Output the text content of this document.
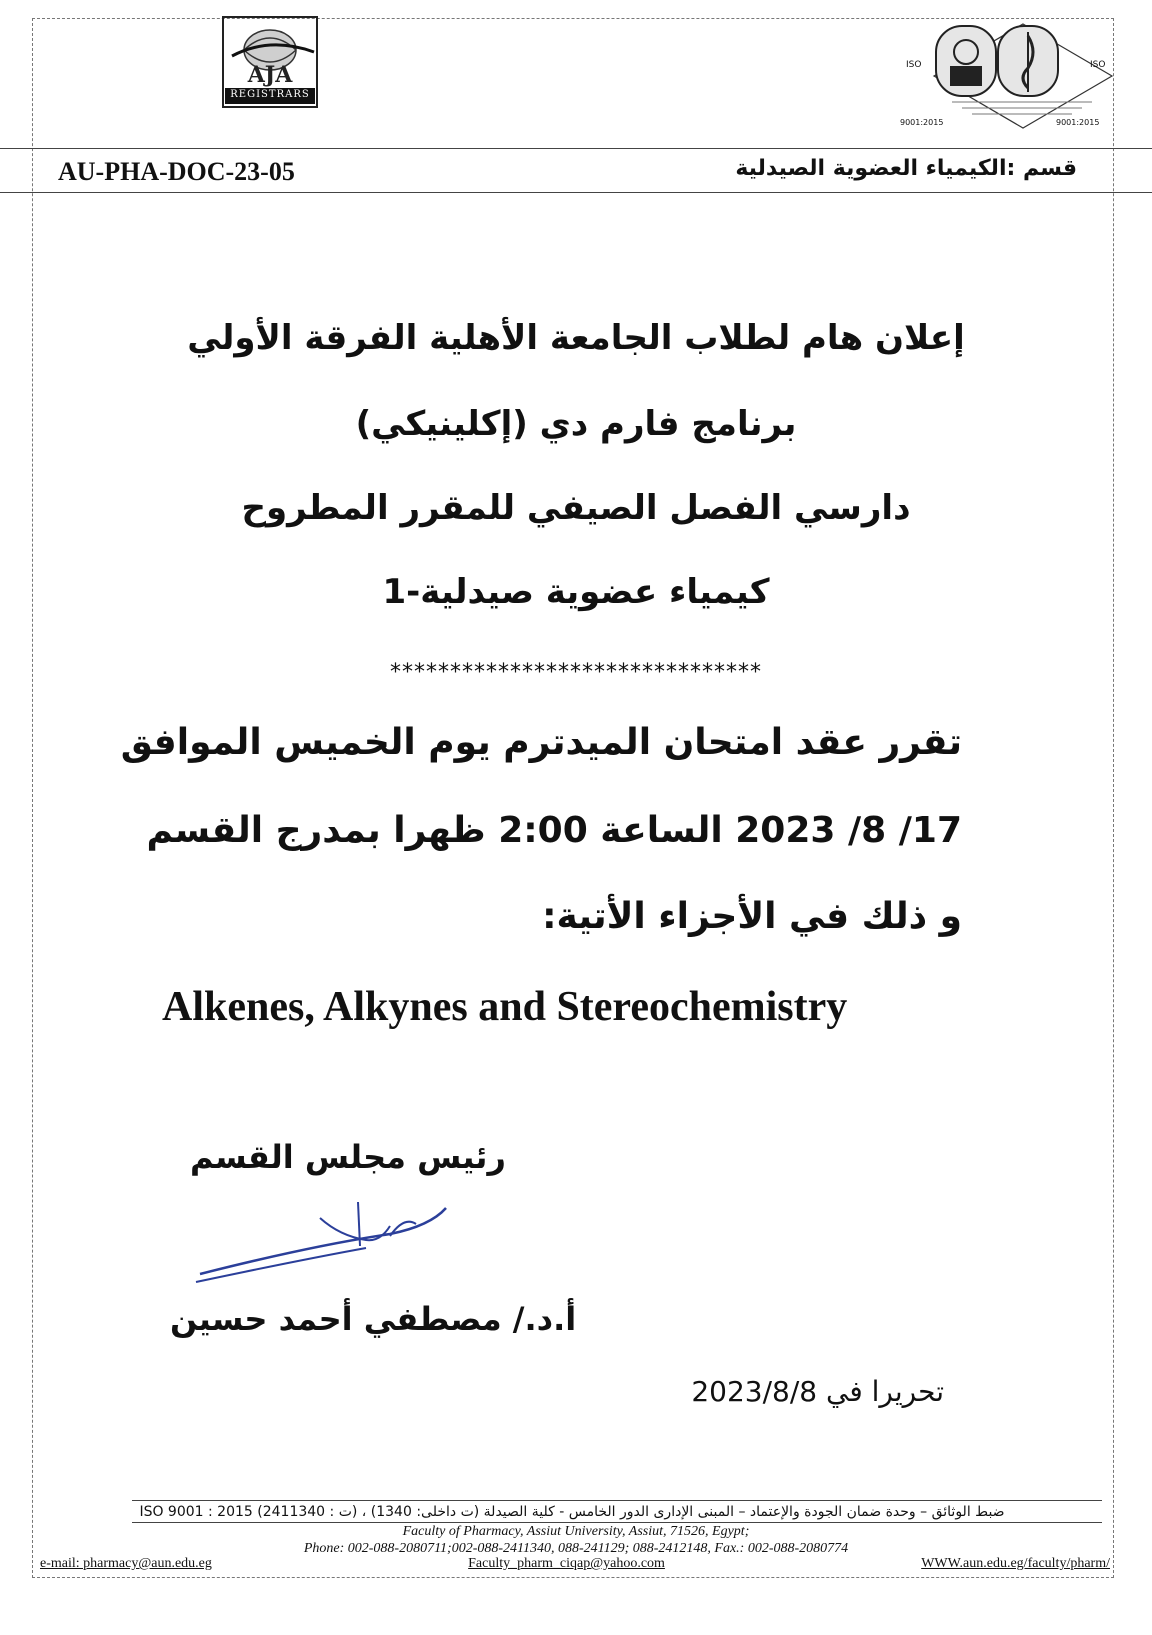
AJA
REGISTRARS
ISO	ISO
9001:2015	9001:2015
AU-PHA-DOC-23-05	قسم :الكيمياء العضوية الصيدلية
إعلان هام لطلاب الجامعة الأهلية الفرقة الأولي
برنامج فارم دي (إكلينيكي)
دارسي الفصل الصيفي للمقرر المطروح
كيمياء عضوية صيدلية-1
*******************************
تقرر عقد امتحان الميدترم يوم الخميس الموافق
17/ 8/ 2023 الساعة 2:00 ظهرا بمدرج القسم
و ذلك في الأجزاء الأتية:
Alkenes, Alkynes and Stereochemistry
رئيس مجلس القسم
أ.د./ مصطفي أحمد حسين
تحريرا في 2023/8/8
ضبط الوثائق – وحدة ضمان الجودة والإعتماد – المبنى الإدارى الدور الخامس - كلية الصيدلة (ت داخلى: 1340) ، (ت : 2411340) ISO 9001 : 2015
Faculty of Pharmacy, Assiut University, Assiut, 71526, Egypt;
Phone: 002-088-2080711;002-088-2411340, 088-241129; 088-2412148, Fax.: 002-088-2080774
e-mail: pharmacy@aun.edu.eg	Faculty_pharm_ciqap@yahoo.com	WWW.aun.edu.eg/faculty/pharm/
